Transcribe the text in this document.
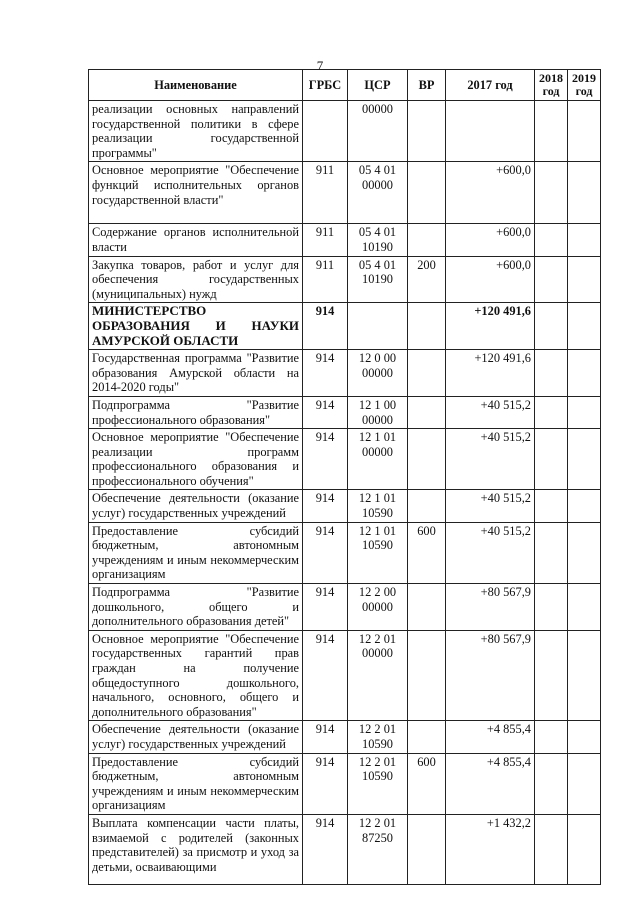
7
Наименование	ГРБС	ЦСР	ВР	2017 год	2018 год	2019 год
реализации основных направлений государственной политики в сфере реализации государственной программы"		00000				
Основное мероприятие "Обеспечение функций исполнительных органов государственной власти"	911	05 4 01 00000		+600,0		
Содержание органов исполнительной власти	911	05 4 01 10190		+600,0		
Закупка товаров, работ и услуг для обеспечения государственных (муниципальных) нужд	911	05 4 01 10190	200	+600,0		
МИНИСТЕРСТВО ОБРАЗОВАНИЯ И НАУКИ АМУРСКОЙ ОБЛАСТИ	914			+120 491,6		
Государственная программа "Развитие образования Амурской области на 2014-2020 годы"	914	12 0 00 00000		+120 491,6		
Подпрограмма "Развитие профессионального образования"	914	12 1 00 00000		+40 515,2		
Основное мероприятие "Обеспечение реализации программ профессионального образования и профессионального обучения"	914	12 1 01 00000		+40 515,2		
Обеспечение деятельности (оказание услуг) государственных учреждений	914	12 1 01 10590		+40 515,2		
Предоставление субсидий бюджетным, автономным учреждениям и иным некоммерческим организациям	914	12 1 01 10590	600	+40 515,2		
Подпрограмма "Развитие дошкольного, общего и дополнительного образования детей"	914	12 2 00 00000		+80 567,9		
Основное мероприятие "Обеспечение государственных гарантий прав граждан на получение общедоступного дошкольного, начального, основного, общего и дополнительного образования"	914	12 2 01 00000		+80 567,9		
Обеспечение деятельности (оказание услуг) государственных учреждений	914	12 2 01 10590		+4 855,4		
Предоставление субсидий бюджетным, автономным учреждениям и иным некоммерческим организациям	914	12 2 01 10590	600	+4 855,4		
Выплата компенсации части платы, взимаемой с родителей (законных представителей) за присмотр и уход за детьми, осваивающими	914	12 2 01 87250		+1 432,2		
